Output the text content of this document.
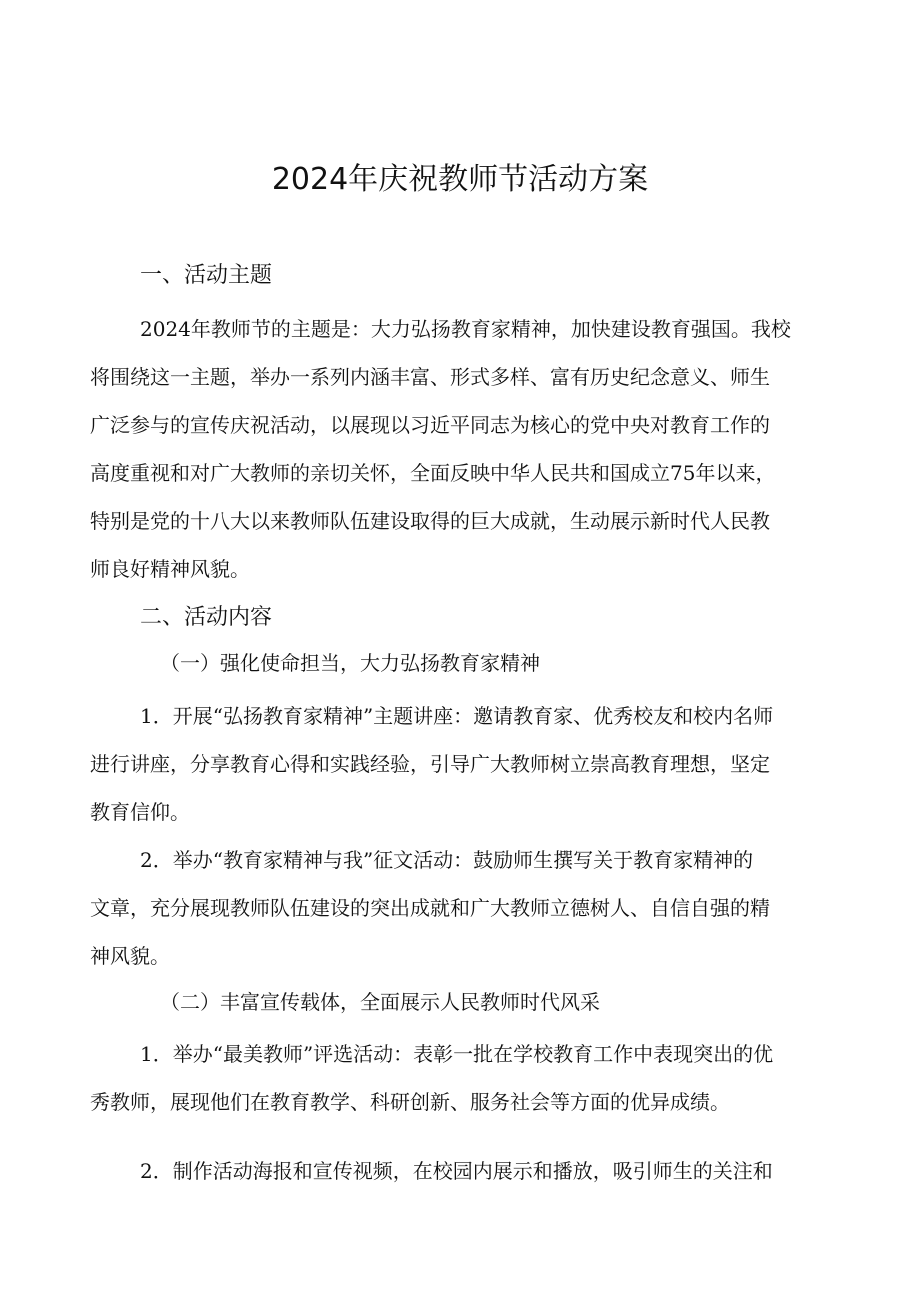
2024年庆祝教师节活动方案
一、活动主题
2024年教师节的主题是：大力弘扬教育家精神，加快建设教育强国。我校
将围绕这一主题，举办一系列内涵丰富、形式多样、富有历史纪念意义、师生
广泛参与的宣传庆祝活动，以展现以习近平同志为核心的党中央对教育工作的
高度重视和对广大教师的亲切关怀，全面反映中华人民共和国成立75年以来，
特别是党的十八大以来教师队伍建设取得的巨大成就，生动展示新时代人民教
师良好精神风貌。
二、活动内容

（一）强化使命担当，大力弘扬教育家精神

1．开展“弘扬教育家精神”主题讲座：邀请教育家、优秀校友和校内名师
进行讲座，分享教育心得和实践经验，引导广大教师树立崇高教育理想，坚定
教育信仰。
2．举办“教育家精神与我”征文活动：鼓励师生撰写关于教育家精神的
文章，充分展现教师队伍建设的突出成就和广大教师立德树人、自信自强的精
神风貌。

（二）丰富宣传载体，全面展示人民教师时代风采

1．举办“最美教师”评选活动：表彰一批在学校教育工作中表现突出的优
秀教师，展现他们在教育教学、科研创新、服务社会等方面的优异成绩。
2．制作活动海报和宣传视频，在校园内展示和播放，吸引师生的关注和
